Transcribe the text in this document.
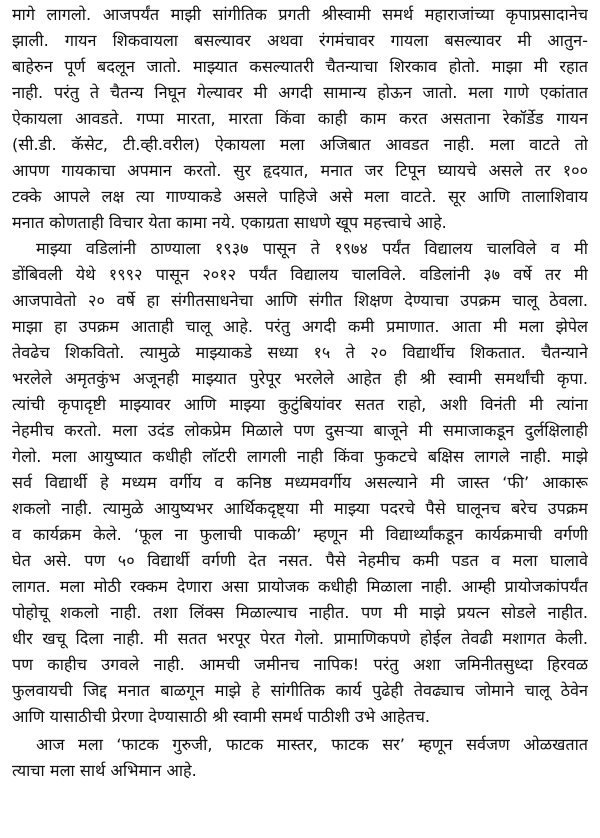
मागे लागलो. आजपर्यंत माझी सांगीतिक प्रगती श्रीस्वामी समर्थ महाराजांच्या कृपाप्रसादानेच
झाली. गायन शिकवायला बसल्यावर अथवा रंगमंचावर गायला बसल्यावर मी आतुन-
बाहेरुन पूर्ण बदलून जातो. माझ्यात कसल्यातरी चैतन्याचा शिरकाव होतो. माझा मी रहात
नाही. परंतु ते चैतन्य निघून गेल्यावर मी अगदी सामान्य होऊन जातो. मला गाणे एकांतात
ऐकायला आवडते. गप्पा मारता, मारता किंवा काही काम करत असताना रेकॉर्डेड गायन
(सी.डी. कॅसेट, टी.व्ही.वरील) ऐकायला मला अजिबात आवडत नाही. मला वाटते तो
आपण गायकाचा अपमान करतो. सुर हृदयात, मनात जर टिपून घ्यायचे असले तर १००
टक्के आपले लक्ष त्या गाण्याकडे असले पाहिजे असे मला वाटते. सूर आणि तालाशिवाय
मनात कोणताही विचार येता कामा नये. एकाग्रता साधणे खूप महत्त्वाचे आहे.
माझ्या वडिलांनी ठाण्याला १९३७ पासून ते १९७४ पर्यंत विद्यालय चालविले व मी
डोंबिवली येथे १९९२ पासून २०१२ पर्यंत विद्यालय चालविले. वडिलांनी ३७ वर्षे तर मी
आजपावेतो २० वर्षे हा संगीतसाधनेचा आणि संगीत शिक्षण देण्याचा उपक्रम चालू ठेवला.
माझा हा उपक्रम आताही चालू आहे. परंतु अगदी कमी प्रमाणात. आता मी मला झेपेल
तेवढेच शिकवितो. त्यामुळे माझ्याकडे सध्या १५ ते २० विद्यार्थीच शिकतात. चैतन्याने
भरलेले अमृतकुंभ अजूनही माझ्यात पुरेपूर भरलेले आहेत ही श्री स्वामी समर्थांची कृपा.
त्यांची कृपादृष्टी माझ्यावर आणि माझ्या कुटुंबियांवर सतत राहो, अशी विनंती मी त्यांना
नेहमीच करतो. मला उदंड लोकप्रेम मिळाले पण दुसऱ्या बाजूने मी समाजाकडून दुर्लक्षिलाही
गेलो. मला आयुष्यात कधीही लॉटरी लागली नाही किंवा फुकटचे बक्षिस लागले नाही. माझे
सर्व विद्यार्थी हे मध्यम वर्गीय व कनिष्ठ मध्यमवर्गीय असल्याने मी जास्त ‘फी’ आकारू
शकलो नाही. त्यामुळे आयुष्यभर आर्थिकदृष्ट्या मी माझ्या पदरचे पैसे घालूनच बरेच उपक्रम
व कार्यक्रम केले. ‘फूल ना फुलाची पाकळी’ म्हणून मी विद्यार्थ्यांकडून कार्यक्रमाची वर्गणी
घेत असे. पण ५० विद्यार्थी वर्गणी देत नसत. पैसे नेहमीच कमी पडत व मला घालावे
लागत. मला मोठी रक्कम देणारा असा प्रायोजक कधीही मिळाला नाही. आम्ही प्रायोजकांपर्यंत
पोहोचू शकलो नाही. तशा लिंक्स मिळाल्याच नाहीत. पण मी माझे प्रयत्न सोडले नाहीत.
धीर खचू दिला नाही. मी सतत भरपूर पेरत गेलो. प्रामाणिकपणे होईल तेवढी मशागत केली.
पण काहीच उगवले नाही. आमची जमीनच नापिक! परंतु अशा जमिनीतसुध्दा हिरवळ
फुलवायची जिद्द मनात बाळगून माझे हे सांगीतिक कार्य पुढेही तेवढ्याच जोमाने चालू ठेवेन
आणि यासाठीची प्रेरणा देण्यासाठी श्री स्वामी समर्थ पाठीशी उभे आहेतच.
आज मला ‘फाटक गुरुजी, फाटक मास्तर, फाटक सर’ म्हणून सर्वजण ओळखतात
त्याचा मला सार्थ अभिमान आहे.
